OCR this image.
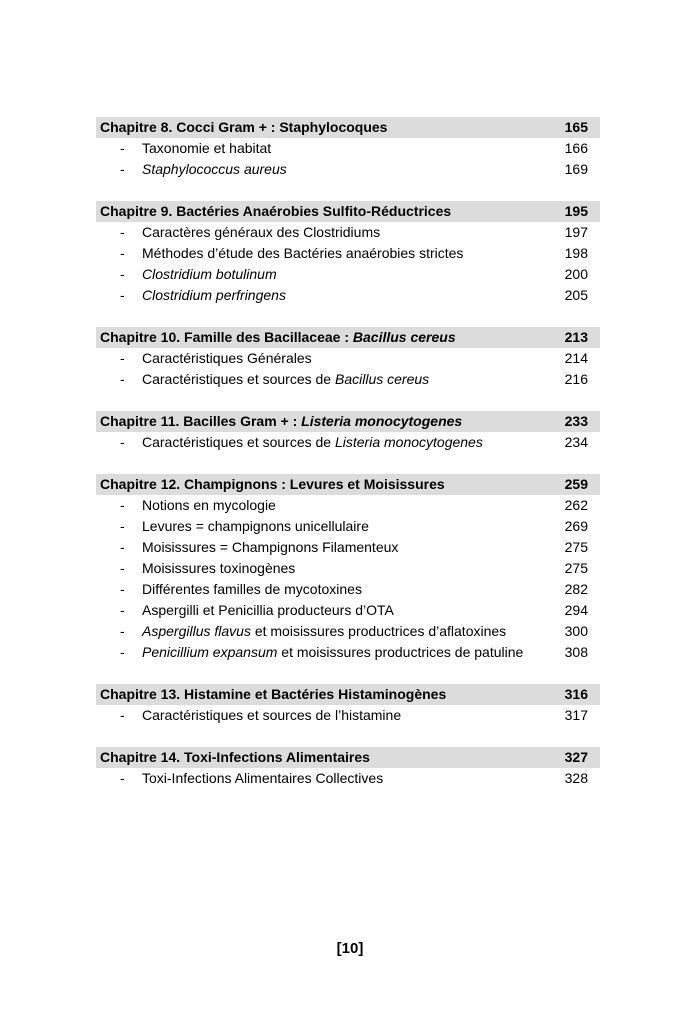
Chapitre 8. Cocci Gram + : Staphylocoques	165
- Taxonomie et habitat	166
- Staphylococcus aureus	169
Chapitre 9. Bactéries Anaérobies Sulfito-Réductrices	195
- Caractères généraux des Clostridiums	197
- Méthodes d’étude des Bactéries anaérobies strictes	198
- Clostridium botulinum	200
- Clostridium perfringens	205
Chapitre 10. Famille des Bacillaceae : Bacillus cereus	213
- Caractéristiques Générales	214
- Caractéristiques et sources de Bacillus cereus	216
Chapitre 11. Bacilles Gram + : Listeria monocytogenes	233
- Caractéristiques et sources de Listeria monocytogenes	234
Chapitre 12. Champignons : Levures et Moisissures	259
- Notions en mycologie	262
- Levures = champignons unicellulaire	269
- Moisissures = Champignons Filamenteux	275
- Moisissures toxinogènes	275
- Différentes familles de mycotoxines	282
- Aspergilli et Penicillia producteurs d’OTA	294
- Aspergillus flavus et moisissures productrices d’aflatoxines	300
- Penicillium expansum et moisissures productrices de patuline	308
Chapitre 13. Histamine et Bactéries Histaminogènes	316
- Caractéristiques et sources de l’histamine	317
Chapitre 14. Toxi-Infections Alimentaires	327
- Toxi-Infections Alimentaires Collectives	328
[10]
